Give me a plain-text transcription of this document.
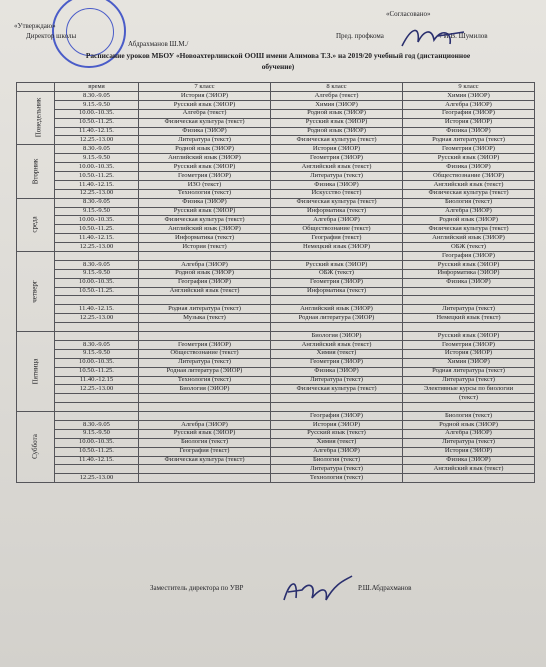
«Утверждаю»
Директор школы
Абдрахманов Ш.М./
«Согласовано»
Пред. профкома	/ И.В. Шумилов
Расписание уроков МБОУ «Новоахтерлинской ООШ имени Алимова Т.З.» на 2019/20 учебный год (дистанционное
обучение)
	время	7 класс	8 класс	9 класс
Понедельник	8.30.-9.05	История (ЭИОР)	Алгебра (текст)	Химия (ЭИОР)
	9.15.-9.50	Русский язык (ЭИОР)	Химия (ЭИОР)	Алгебра (ЭИОР)
	10.00.-10.35.	Алгебра (текст)	Родной язык (ЭИОР)	География (ЭИОР)
	10.50.-11.25.	Физическая культура (текст)	Русский язык (ЭИОР)	История (ЭИОР)
	11.40.-12.15.	Физика (ЭИОР)	Родной язык (ЭИОР)	Физика (ЭИОР)
	12.25.-13.00	Литература (текст)	Физическая культура (текст)	Родная литература (текст)
Вторник	8.30.-9.05	Родной язык (ЭИОР)	История (ЭИОР)	Геометрия (ЭИОР)
	9.15.-9.50	Английский язык (ЭИОР)	Геометрия (ЭИОР)	Русский язык (ЭИОР)
	10.00.-10.35.	Русский язык (ЭИОР)	Английский язык (текст)	Физика (ЭИОР)
	10.50.-11.25.	Геометрия (ЭИОР)	Литература (текст)	Обществознание (ЭИОР)
	11.40.-12.15.	ИЗО (текст)	Физика (ЭИОР)	Английский язык (текст)
	12.25.-13.00	Технология (текст)	Искусство (текст)	Физическая культура (текст)
среда	8.30.-9.05	Физика (ЭИОР)	Физическая культура (текст)	Биология (текст)
	9.15.-9.50	Русский язык (ЭИОР)	Информатика (текст)	Алгебра (ЭИОР)
	10.00.-10.35.	Физическая культура (текст)	Алгебра (ЭИОР)	Родной язык (ЭИОР)
	10.50.-11.25.	Английский язык (ЭИОР)	Обществознание (текст)	Физическая культура (текст)
	11.40.-12.15.	Информатика (текст)	География (текст)	Английский язык (ЭИОР)
	12.25.-13.00	История (текст)	Немецкий язык (ЭИОР)	ОБЖ (текст)
четверг				География (ЭИОР)
	8.30.-9.05	Алгебра (ЭИОР)	Русский язык (ЭИОР)	Русский язык (ЭИОР)
	9.15.-9.50	Родной язык (ЭИОР)	ОБЖ (текст)	Информатика (ЭИОР)
	10.00.-10.35.	География (ЭИОР)	Геометрия (ЭИОР)	Физика (ЭИОР)
	10.50.-11.25.	Английский язык (текст)	Информатика (текст)	

	11.40.-12.15.	Родная литература (текст)	Английский язык (ЭИОР)	Литература (текст)
	12.25.-13.00	Музыка (текст)	Родная литература (ЭИОР)	Немецкий язык (текст)

Пятница			Биология (ЭИОР)	Русский язык (ЭИОР)
	8.30.-9.05	Геометрия (ЭИОР)	Английский язык (текст)	Геометрия (ЭИОР)
	9.15.-9.50	Обществознание (текст)	Химия (текст)	История (ЭИОР)
	10.00.-10.35.	Литература (текст)	Геометрия (ЭИОР)	Химия (ЭИОР)
	10.50.-11.25.	Родная литература (ЭИОР)	Физика (ЭИОР)	Родная литература (текст)
	11.40.-12.15	Технология (текст)	Литература (текст)	Литература (текст)
	12.25.-13.00	Биология (ЭИОР)	Физическая культура (текст)	Элективные курсы по биологии
				(текст)

Суббота			География (ЭИОР)	Биология (текст)
	8.30.-9.05	Алгебра (ЭИОР)	История (ЭИОР)	Родной язык (ЭИОР)
	9.15.-9.50	Русский язык (ЭИОР)	Русский язык (текст)	Алгебра (ЭИОР)
	10.00.-10.35.	Биология (текст)	Химия (текст)	Литература (текст)
	10.50.-11.25.	География (текст)	Алгебра (ЭИОР)	История (ЭИОР)
	11.40.-12.15.	Физическая культура (текст)	Биология (текст)	Физика (ЭИОР)
			Литература (текст)	Английский язык (текст)
	12.25.-13.00		Технология (текст)	
Заместитель директора по УВР	Р.Ш.Абдрахманов
